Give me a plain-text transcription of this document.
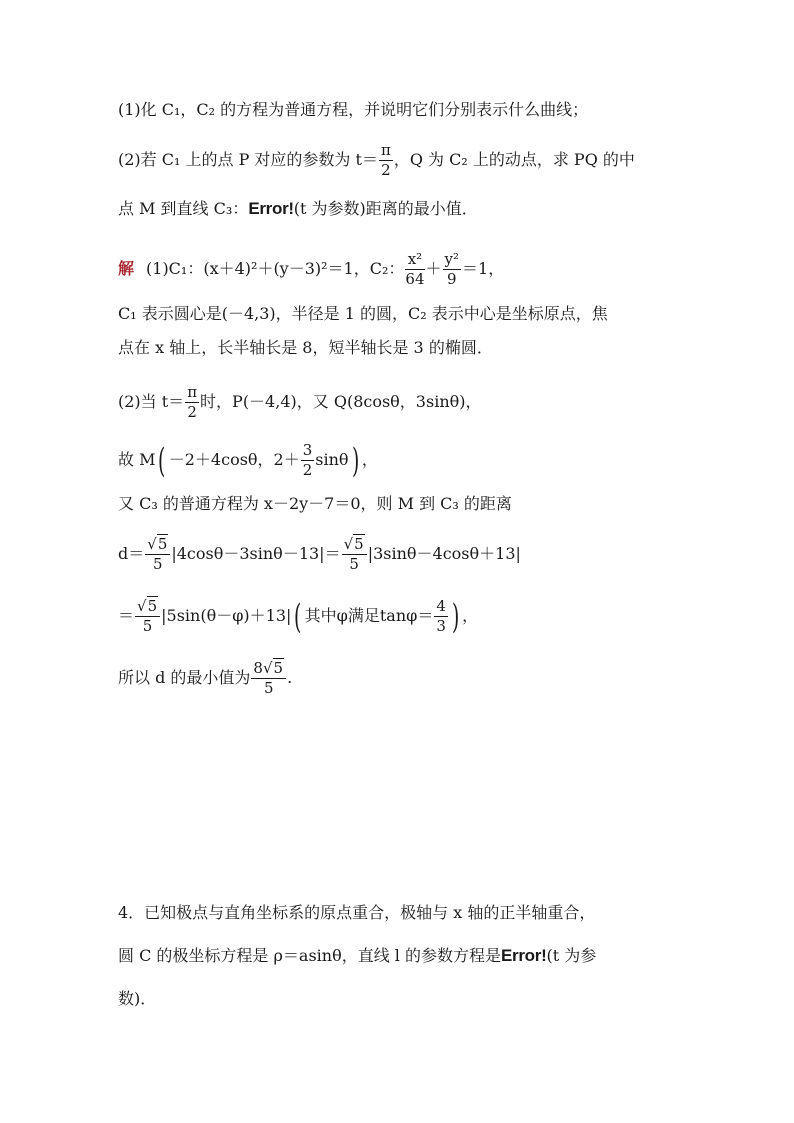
(1)化 C₁，C₂ 的方程为普通方程，并说明它们分别表示什么曲线；
(2)若 C₁ 上的点 P 对应的参数为 $t= \frac{\pi}{2}$ ，Q 为 C₂ 上的动点，求 PQ 的中
点 M 到直线 C₃：Error!(t 为参数)距离的最小值．
解 (1)C₁：(x＋4)²＋(y－3)²＝1，C₂： $\frac{\text{x²}}{64} + \frac{\text{y²}}{9} =1$，
C₁ 表示圆心是(－4,3)，半径是 1 的圆，C₂ 表示中心是坐标原点，焦
点在 x 轴上，长半轴长是 8，短半轴长是 3 的椭圆．
(2)当 $t= \frac{\pi}{2}$ 时，P(－4,4)，又 Q(8cosθ，3sinθ)，
故 M( －2＋4cosθ，$2+ \frac{3}{2} \sin\theta$) ，
又 C₃ 的普通方程为 x－2y－7＝0，则 M 到 C₃ 的距离
$d= \frac{√5}{5} |4\cos\theta-3\sin\theta-13|= \frac{√5}{5} |3\sin\theta-4\cos\theta+13|$
＝ $\frac{√5}{5} |5\sin(\theta-\varphi)+13|$( 其中φ满足$\tan\varphi= \frac{4}{3}$ ) ，
所以 d 的最小值为 $\frac{8√5}{5}$ .
4．已知极点与直角坐标系的原点重合，极轴与 x 轴的正半轴重合，
圆 C 的极坐标方程是 ρ＝asinθ，直线 l 的参数方程是Error!(t 为参
数)．
